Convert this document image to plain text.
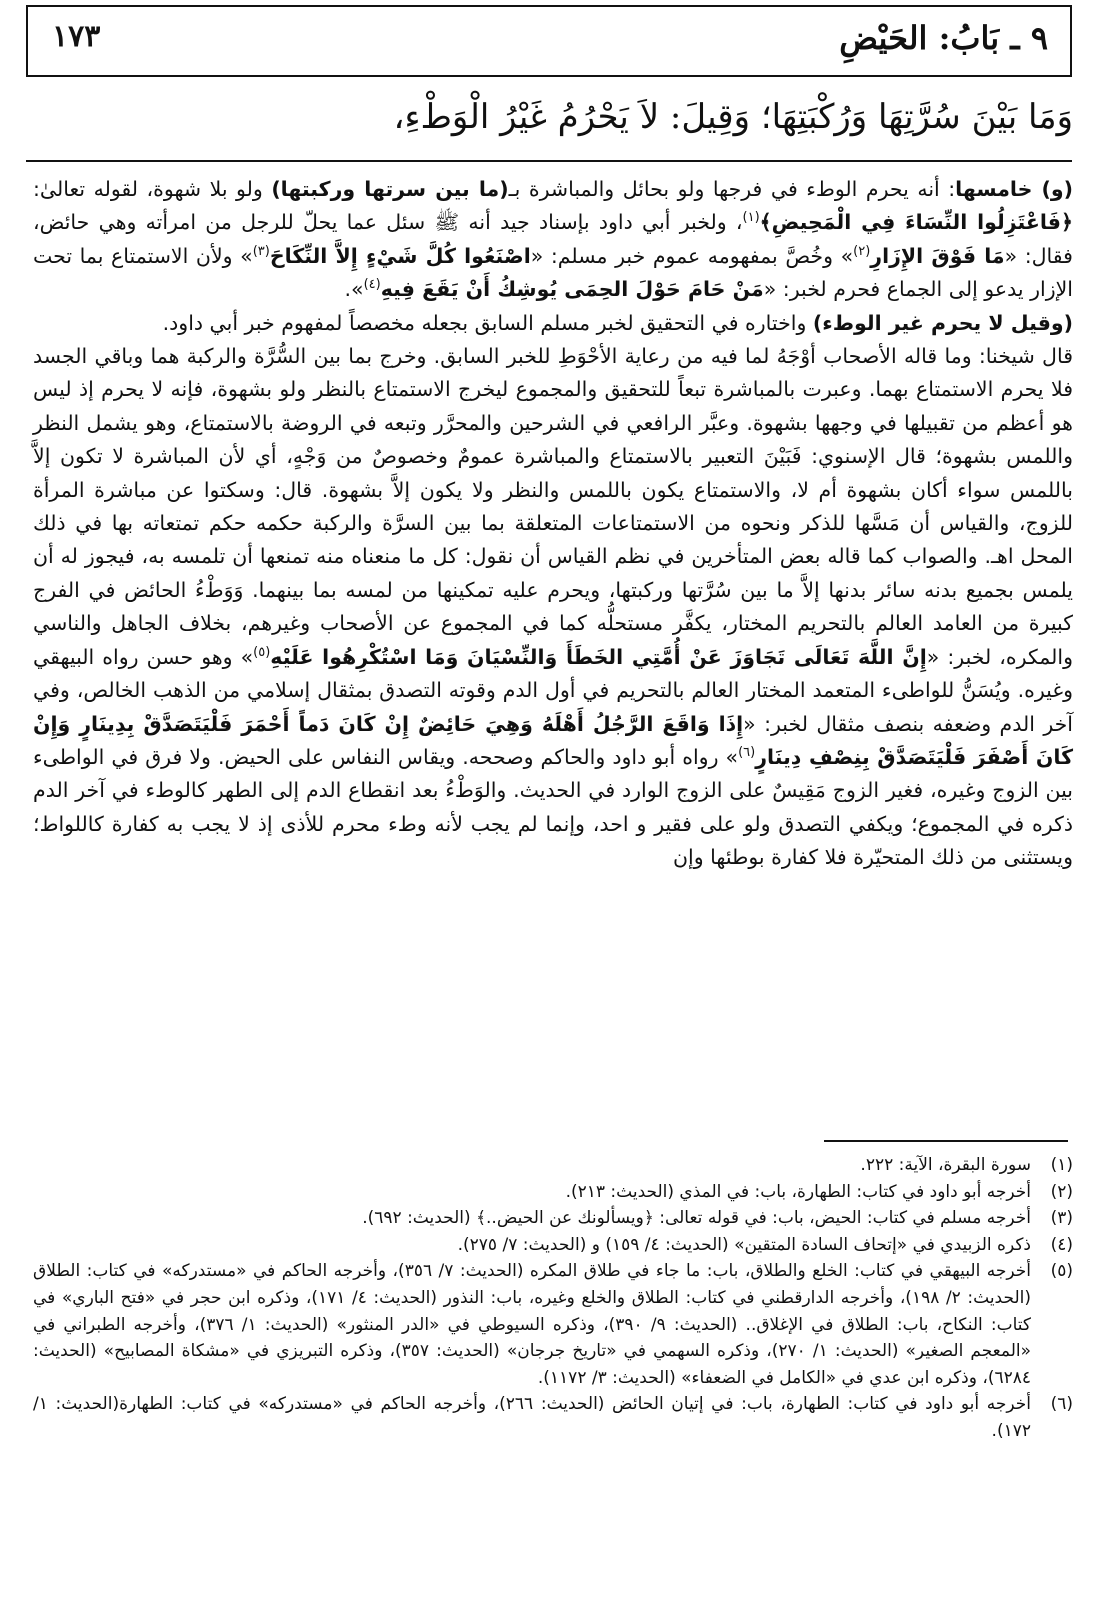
٩ ـ بَابُ: الحَيْضِ
١٧٣
وَمَا بَيْنَ سُرَّتِهَا وَرُكْبَتِهَا؛ وَقِيلَ: لاَ يَحْرُمُ غَيْرُ الْوَطْءِ،

(و) خامسها: أنه يحرم الوطء في فرجها ولو بحائل والمباشرة بـ(ما بين سرتها وركبتها) ولو بلا شهوة، لقوله تعالىٰ: ﴿فَاعْتَزِلُوا النِّسَاءَ فِي الْمَحِيضِ﴾$^{(١)}$، ولخبر أبي داود بإسناد جيد أنه ﷺ سئل عما يحلّ للرجل من امرأته وهي حائض، فقال: «مَا فَوْقَ الإِزَارِ$^{(٢)}$» وخُصَّ بمفهومه عموم خبر مسلم: «اصْنَعُوا كُلَّ شَيْءٍ إِلاَّ النِّكَاحَ$^{(٣)}$» ولأن الاستمتاع بما تحت الإزار يدعو إلى الجماع فحرم لخبر: «مَنْ حَامَ حَوْلَ الحِمَى يُوشِكُ أَنْ يَقَعَ فِيهِ$^{(٤)}$».

(وقيل لا يحرم غير الوطء) واختاره في التحقيق لخبر مسلم السابق بجعله مخصصاً لمفهوم خبر أبي داود.

قال شيخنا: وما قاله الأصحاب أوْجَهُ لما فيه من رعاية الأحْوَطِ للخبر السابق. وخرج بما بين السُّرَّة والركبة هما وباقي الجسد فلا يحرم الاستمتاع بهما. وعبرت بالمباشرة تبعاً للتحقيق والمجموع ليخرج الاستمتاع بالنظر ولو بشهوة، فإنه لا يحرم إذ ليس هو أعظم من تقبيلها في وجهها بشهوة. وعبَّر الرافعي في الشرحين والمحرَّر وتبعه في الروضة بالاستمتاع، وهو يشمل النظر واللمس بشهوة؛ قال الإسنوي: فَبَيْنَ التعبير بالاستمتاع والمباشرة عمومٌ وخصوصٌ من وَجْهٍ، أي لأن المباشرة لا تكون إلاَّ باللمس سواء أكان بشهوة أم لا، والاستمتاع يكون باللمس والنظر ولا يكون إلاَّ بشهوة. قال: وسكتوا عن مباشرة المرأة للزوج، والقياس أن مَسَّها للذكر ونحوه من الاستمتاعات المتعلقة بما بين السرَّة والركبة حكمه حكم تمتعاته بها في ذلك المحل اهـ. والصواب كما قاله بعض المتأخرين في نظم القياس أن نقول: كل ما منعناه منه تمنعها أن تلمسه به، فيجوز له أن يلمس بجميع بدنه سائر بدنها إلاَّ ما بين سُرَّتها وركبتها، ويحرم عليه تمكينها من لمسه بما بينهما. وَوَطْءُ الحائض في الفرج كبيرة من العامد العالم بالتحريم المختار، يكفَّر مستحلُّه كما في المجموع عن الأصحاب وغيرهم، بخلاف الجاهل والناسي والمكره، لخبر: «إِنَّ اللَّهَ تَعَالَى تَجَاوَزَ عَنْ أُمَّتِي الخَطَأَ وَالنِّسْيَانَ وَمَا اسْتُكْرِهُوا عَلَيْهِ$^{(٥)}$» وهو حسن رواه البيهقي وغيره. ويُسَنُّ للواطىء المتعمد المختار العالم بالتحريم في أول الدم وقوته التصدق بمثقال إسلامي من الذهب الخالص، وفي آخر الدم وضعفه بنصف مثقال لخبر: «إِذَا وَاقَعَ الرَّجُلُ أَهْلَهُ وَهِيَ حَائِضٌ إِنْ كَانَ دَماً أَحْمَرَ فَلْيَتَصَدَّقْ بِدِينَارٍ وَإِنْ كَانَ أَصْفَرَ فَلْيَتَصَدَّقْ بِنِصْفِ دِينَارٍ$^{(٦)}$» رواه أبو داود والحاكم وصححه. ويقاس النفاس على الحيض. ولا فرق في الواطىء بين الزوج وغيره، فغير الزوج مَقِيسٌ على الزوج الوارد في الحديث. والوَطْءُ بعد انقطاع الدم إلى الطهر كالوطء في آخر الدم ذكره في المجموع؛ ويكفي التصدق ولو على فقير و احد، وإنما لم يجب لأنه وطء محرم للأذى إذ لا يجب به كفارة كاللواط؛ ويستثنى من ذلك المتحيّرة فلا كفارة بوطئها وإن

(١)
سورة البقرة، الآية: ٢٢٢.
(٢)
أخرجه أبو داود في كتاب: الطهارة، باب: في المذي (الحديث: ٢١٣).
(٣)
أخرجه مسلم في كتاب: الحيض، باب: في قوله تعالى: ﴿ويسألونك عن الحيض..﴾ (الحديث: ٦٩٢).
(٤)
ذكره الزبيدي في «إتحاف السادة المتقين» (الحديث: ٤/ ١٥٩) و (الحديث: ٧/ ٢٧٥).
(٥)
أخرجه البيهقي في كتاب: الخلع والطلاق، باب: ما جاء في طلاق المكره (الحديث: ٧/ ٣٥٦)، وأخرجه الحاكم في «مستدركه» في كتاب: الطلاق (الحديث: ٢/ ١٩٨)، وأخرجه الدارقطني في كتاب: الطلاق والخلع وغيره، باب: النذور (الحديث: ٤/ ١٧١)، وذكره ابن حجر في «فتح الباري» في كتاب: النكاح، باب: الطلاق في الإغلاق.. (الحديث: ٩/ ٣٩٠)، وذكره السيوطي في «الدر المنثور» (الحديث: ١/ ٣٧٦)، وأخرجه الطبراني في «المعجم الصغير» (الحديث: ١/ ٢٧٠)، وذكره السهمي في «تاريخ جرجان» (الحديث: ٣٥٧)، وذكره التبريزي في «مشكاة المصابيح» (الحديث: ٦٢٨٤)، وذكره ابن عدي في «الكامل في الضعفاء» (الحديث: ٣/ ١١٧٢).
(٦)
أخرجه أبو داود في كتاب: الطهارة، باب: في إتيان الحائض (الحديث: ٢٦٦)، وأخرجه الحاكم في «مستدركه» في كتاب: الطهارة(الحديث: ١/ ١٧٢).
